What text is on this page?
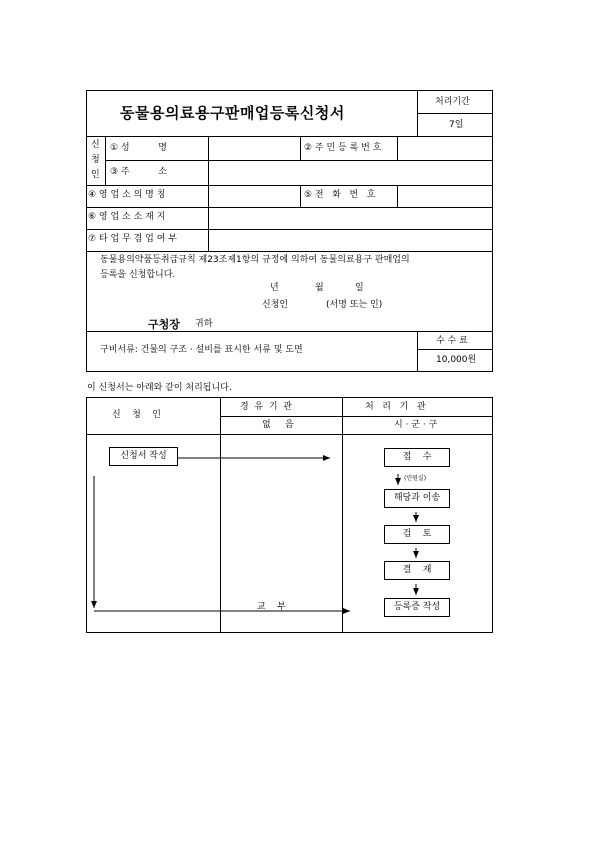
동물용의료용구판매업등록신청서
처리기간
7일
신
청
인
① 성          명	② 주 민 등 록 번 호
③ 주          소
④ 영 업 소 의 명 칭	⑤ 전   화   번   호
⑥ 영 업 소 소 재 지
⑦ 타 업 무 겸 업 여 부
동물용의약품등취급규칙 제23조제1항의 규정에 의하여 동물의료용구 판매업의
등록을 신청합니다.
년	월	일
신청인	(서명 또는 인)
구청장 귀하
구비서류: 건물의 구조 · 설비를 표시한 서류 및 도면
수 수 료
10,000원
이 신청서는 아래와 같이 처리됩니다.
신    청    인
경  유  기  관
없     음
처   리   기   관
시 · 군 · 구
신청서 작성	접    수
(민원실)
해당과 이송
검    토
결    재
등록증 작성
교    부
